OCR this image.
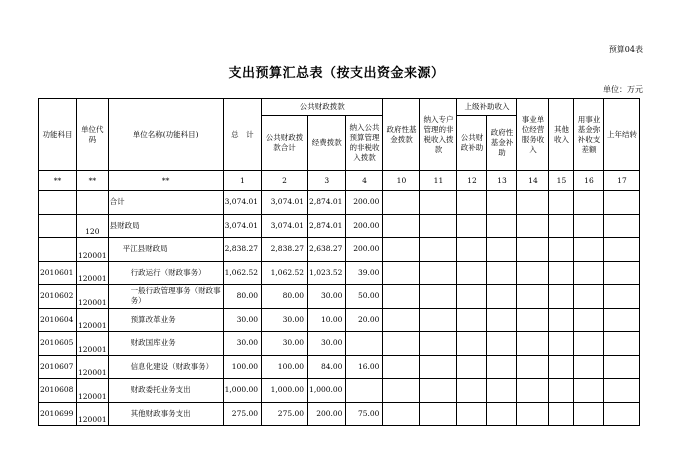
预算04表
支出预算汇总表（按支出资金来源）
单位：万元
功能科目	单位代码	单位名称(功能科目)	总　计	公共财政拨款			政府性基金拨款	纳入专户管理的非税收入拨款	上级补助收入		事业单位经营服务收入	其他收入	用事业基金弥补收支差额	上年结转
				公共财政拨款合计	经费拨款	纳入公共预算管理的非税收入拨款			公共财政补助	政府性基金补助				

**	**	**	1	2	3	4	10	11	12	13	14	15	16	17
		合计	3,074.01	3,074.01	2,874.01	200.00								
	120	县财政局	3,074.01	3,074.01	2,874.01	200.00								
	120001	平江县财政局	2,838.27	2,838.27	2,638.27	200.00								
2010601	120001	行政运行（财政事务）	1,062.52	1,062.52	1,023.52	39.00								
2010602	120001	一般行政管理事务（财政事务）	80.00	80.00	30.00	50.00								
2010604	120001	预算改革业务	30.00	30.00	10.00	20.00								
2010605	120001	财政国库业务	30.00	30.00	30.00									
2010607	120001	信息化建设（财政事务）	100.00	100.00	84.00	16.00								
2010608	120001	财政委托业务支出	1,000.00	1,000.00	1,000.00									
2010699	120001	其他财政事务支出	275.00	275.00	200.00	75.00								
